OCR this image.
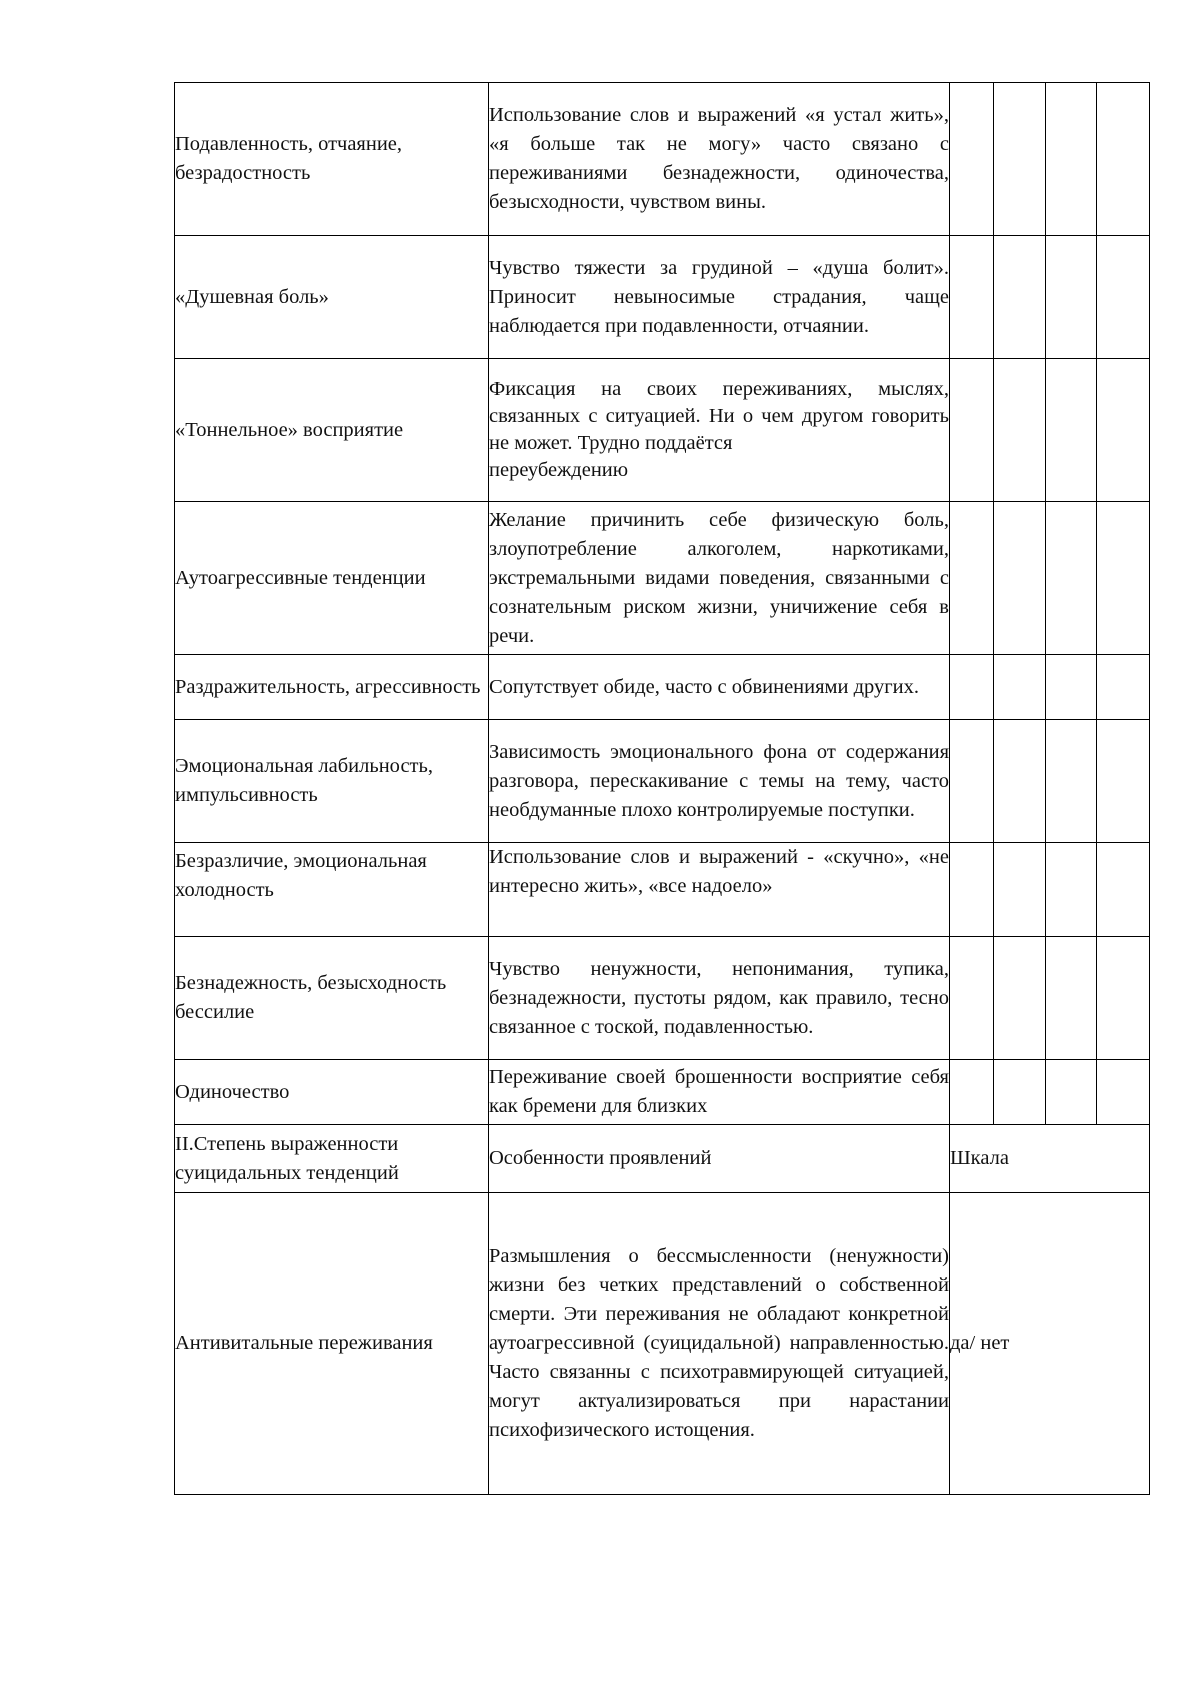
Подавленность, отчаяние, безрадостность	Использование слов и выражений «я устал жить», «я больше так не могу» часто связано с переживаниями безнадежности, одиночества, безысходности, чувством вины.				
«Душевная боль»	Чувство тяжести за грудиной – «душа болит». Приносит невыносимые страдания, чаще наблюдается при подавленности, отчаянии.				
«Тоннельное» восприятие	Фиксация на своих переживаниях, мыслях, связанных с ситуацией. Ни о чем другом говорить не может. Трудно поддаётся
переубеждению				
Аутоагрессивные тенденции	Желание причинить себе физическую боль, злоупотребление алкоголем, наркотиками, экстремальными видами поведения, связанными с сознательным риском жизни, уничижение себя в речи.				
Раздражительность, агрессивность	Сопутствует обиде, часто с обвинениями других.				
Эмоциональная лабильность, импульсивность	Зависимость эмоционального фона от содержания разговора, перескакивание с темы на тему, часто необдуманные плохо контролируемые поступки.				
Безразличие, эмоциональная холодность	Использование слов и выражений - «скучно», «не интересно жить», «все надоело»				
Безнадежность, безысходность бессилие	Чувство ненужности, непонимания, тупика, безнадежности, пустоты рядом, как правило, тесно связанное с тоской, подавленностью.				
Одиночество	Переживание своей брошенности восприятие себя как бремени для близких				
II.Степень выраженности суицидальных тенденций	Особенности проявлений	Шкала			
Антивитальные переживания	Размышления о бессмысленности (ненужности) жизни без четких представлений о собственной смерти. Эти переживания не обладают конкретной аутоагрессивной (суицидальной) направленностью. Часто связанны с психотравмирующей ситуацией, могут актуализироваться при нарастании психофизического истощения.	да/ нет			
